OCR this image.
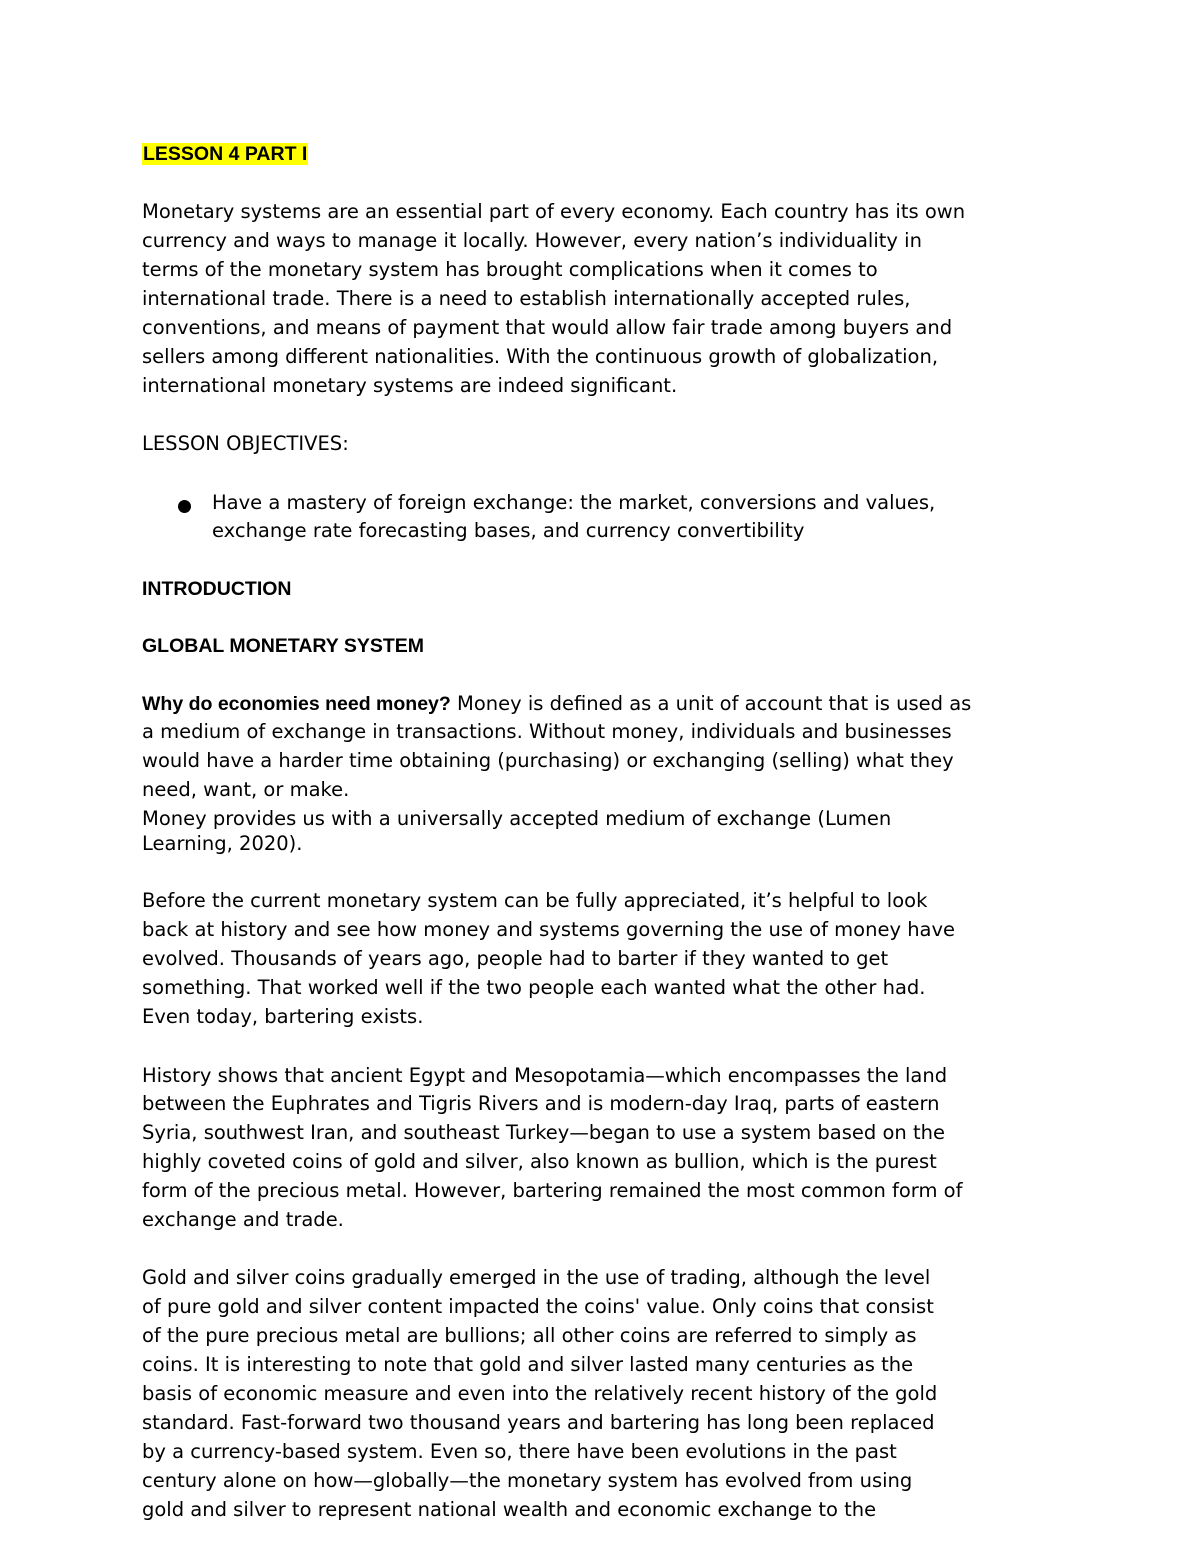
LESSON 4 PART I
Monetary systems are an essential part of every economy. Each country has its own
currency and ways to manage it locally. However, every nation’s individuality in
terms of the monetary system has brought complications when it comes to
international trade. There is a need to establish internationally accepted rules,
conventions, and means of payment that would allow fair trade among buyers and
sellers among different nationalities. With the continuous growth of globalization,
international monetary systems are indeed significant.
LESSON OBJECTIVES:
Have a mastery of foreign exchange: the market, conversions and values,
exchange rate forecasting bases, and currency convertibility
INTRODUCTION
GLOBAL MONETARY SYSTEM
Why do economies need money? Money is defined as a unit of account that is used as
a medium of exchange in transactions. Without money, individuals and businesses
would have a harder time obtaining (purchasing) or exchanging (selling) what they
need, want, or make.
Money provides us with a universally accepted medium of exchange (Lumen
Learning, 2020).
Before the current monetary system can be fully appreciated, it’s helpful to look
back at history and see how money and systems governing the use of money have
evolved. Thousands of years ago, people had to barter if they wanted to get
something. That worked well if the two people each wanted what the other had.
Even today, bartering exists.
History shows that ancient Egypt and Mesopotamia—which encompasses the land
between the Euphrates and Tigris Rivers and is modern-day Iraq, parts of eastern
Syria, southwest Iran, and southeast Turkey—began to use a system based on the
highly coveted coins of gold and silver, also known as bullion, which is the purest
form of the precious metal. However, bartering remained the most common form of
exchange and trade.
Gold and silver coins gradually emerged in the use of trading, although the level
of pure gold and silver content impacted the coins' value. Only coins that consist
of the pure precious metal are bullions; all other coins are referred to simply as
coins. It is interesting to note that gold and silver lasted many centuries as the
basis of economic measure and even into the relatively recent history of the gold
standard. Fast-forward two thousand years and bartering has long been replaced
by a currency-based system. Even so, there have been evolutions in the past
century alone on how—globally—the monetary system has evolved from using
gold and silver to represent national wealth and economic exchange to the
